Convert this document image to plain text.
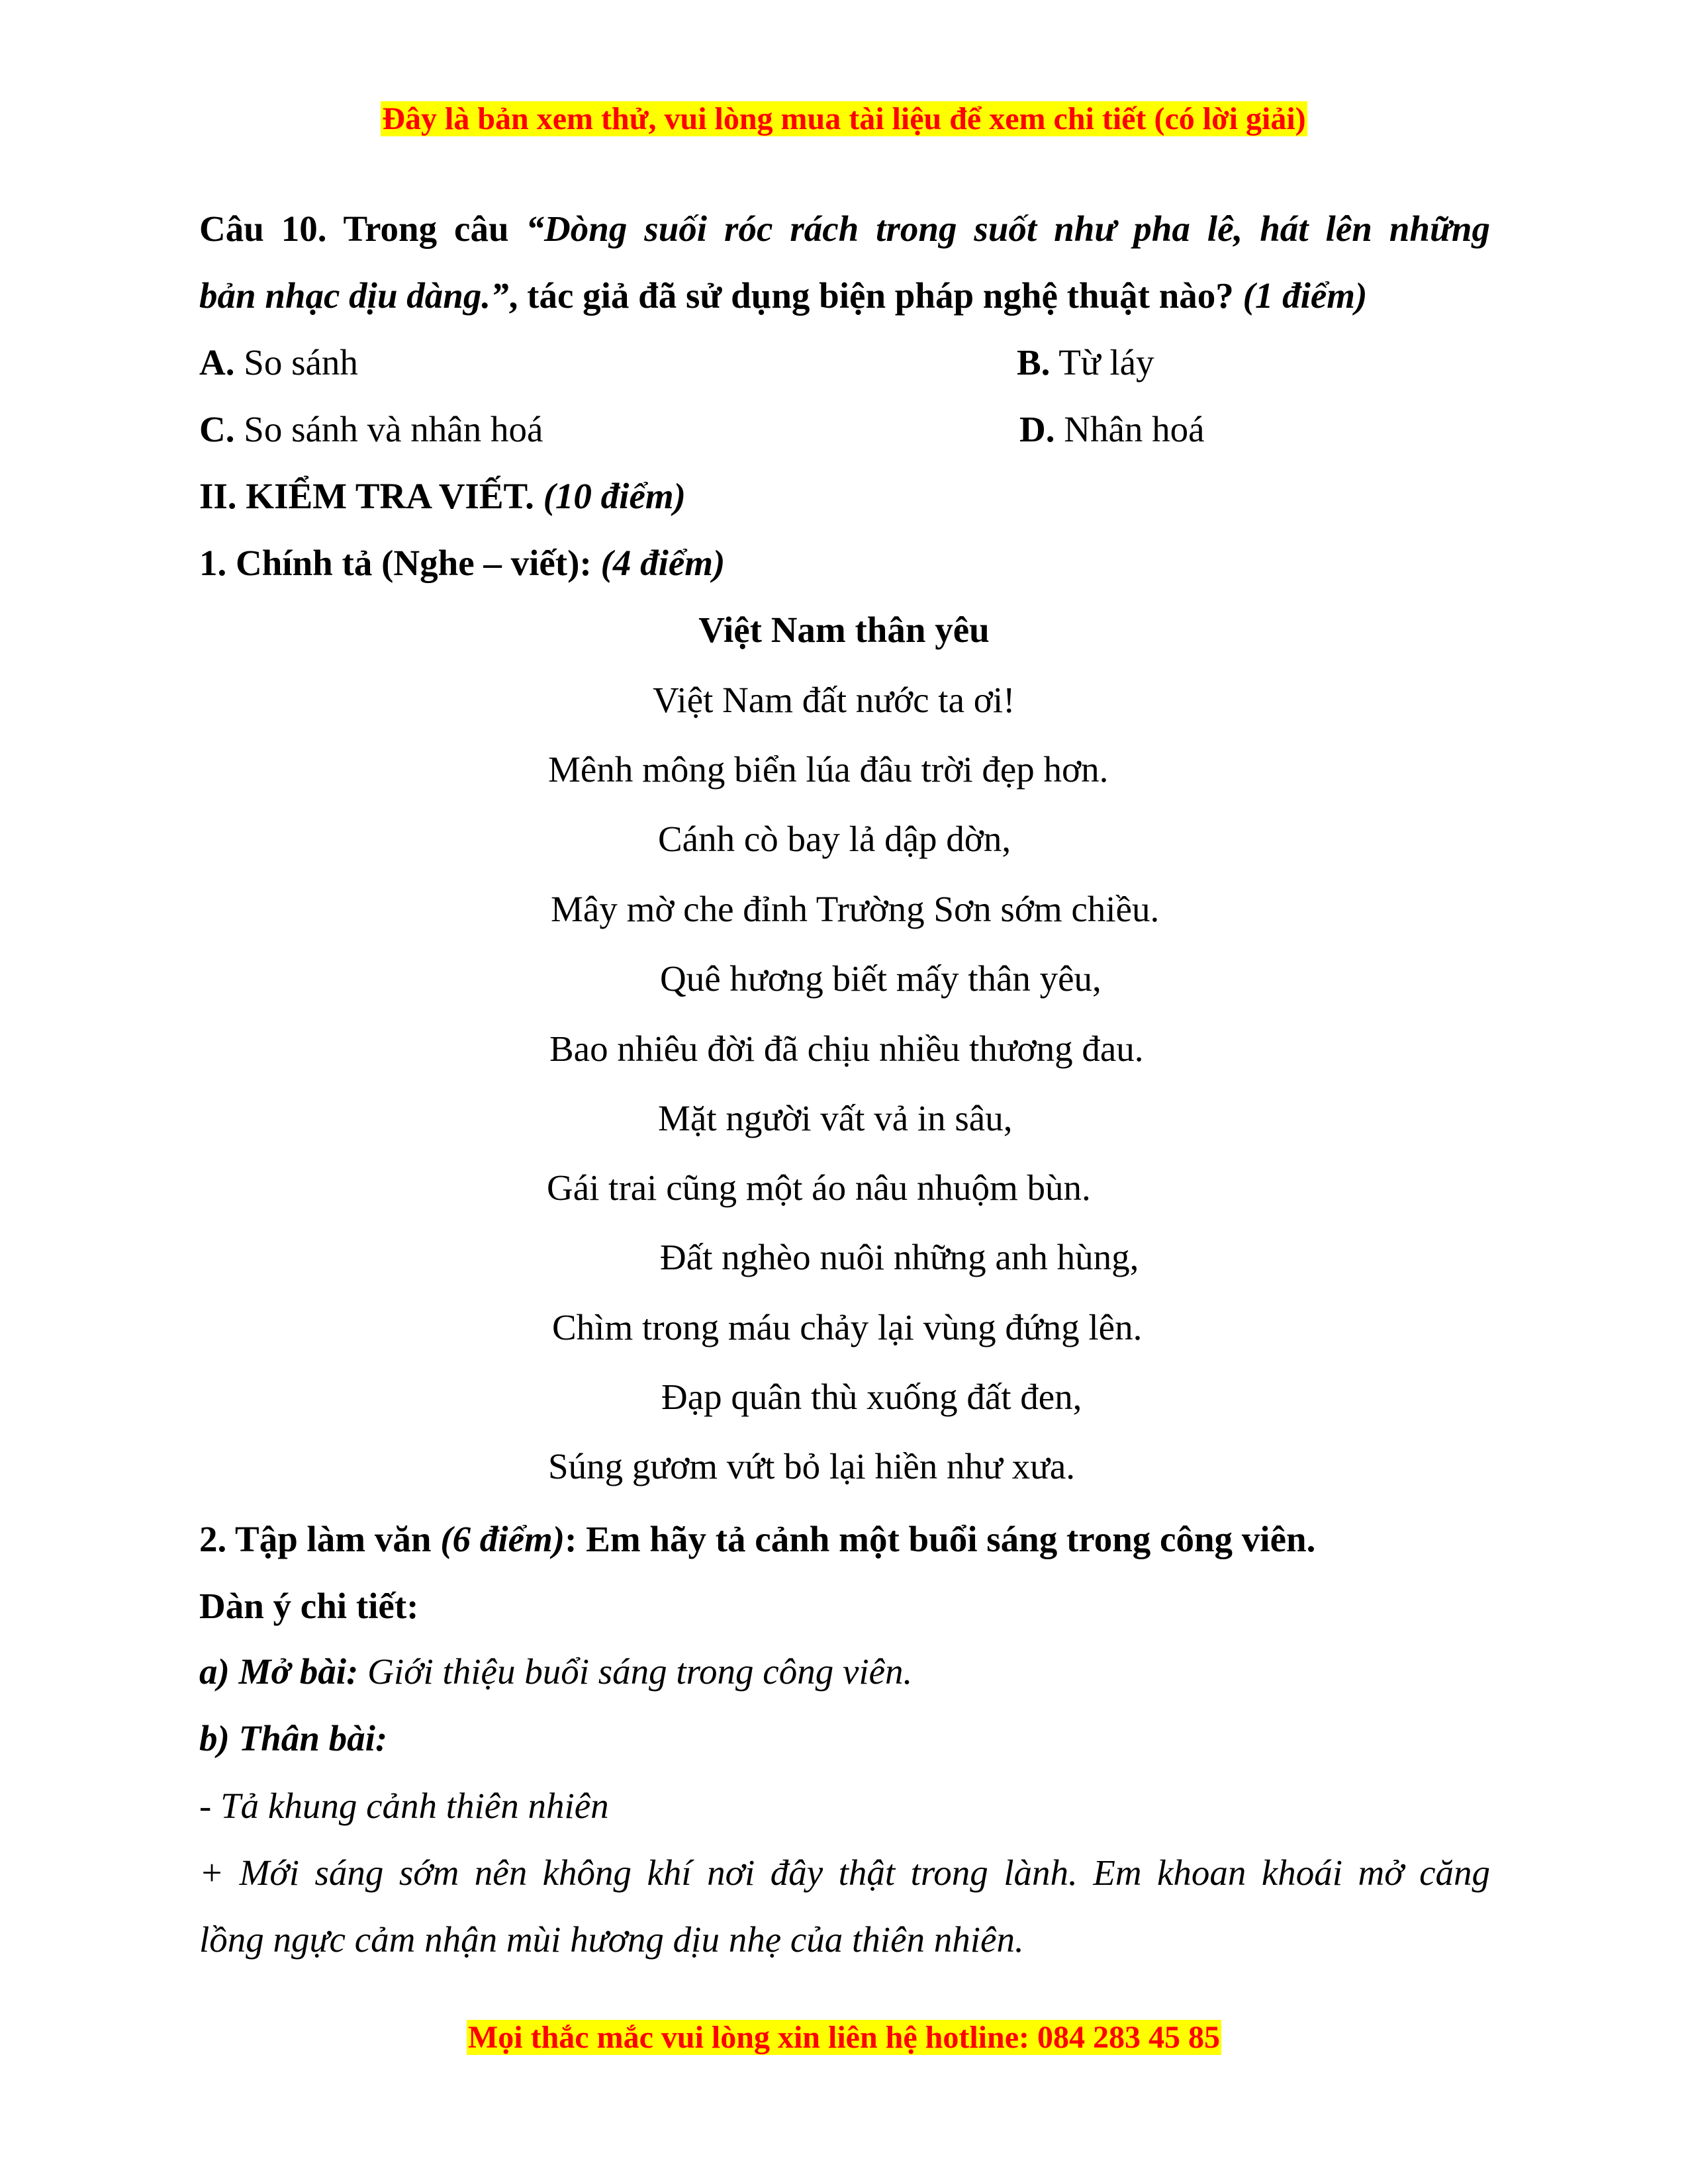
Đây là bản xem thử, vui lòng mua tài liệu để xem chi tiết (có lời giải)
Câu 10. Trong câu “Dòng suối róc rách trong suốt như pha lê, hát lên những
bản nhạc dịu dàng.”, tác giả đã sử dụng biện pháp nghệ thuật nào? (1 điểm)
A. So sánh	B. Từ láy
C. So sánh và nhân hoá	D. Nhân hoá
II. KIỂM TRA VIẾT. (10 điểm)
1. Chính tả (Nghe – viết): (4 điểm)
Việt Nam thân yêu
Việt Nam đất nước ta ơi!
Mênh mông biển lúa đâu trời đẹp hơn.
Cánh cò bay lả dập dờn,
Mây mờ che đỉnh Trường Sơn sớm chiều.
Quê hương biết mấy thân yêu,
Bao nhiêu đời đã chịu nhiều thương đau.
Mặt người vất vả in sâu,
Gái trai cũng một áo nâu nhuộm bùn.
Đất nghèo nuôi những anh hùng,
Chìm trong máu chảy lại vùng đứng lên.
Đạp quân thù xuống đất đen,
Súng gươm vứt bỏ lại hiền như xưa.
2. Tập làm văn (6 điểm): Em hãy tả cảnh một buổi sáng trong công viên.
Dàn ý chi tiết:
a) Mở bài: Giới thiệu buổi sáng trong công viên.
b) Thân bài:
- Tả khung cảnh thiên nhiên
+ Mới sáng sớm nên không khí nơi đây thật trong lành. Em khoan khoái mở căng
lồng ngực cảm nhận mùi hương dịu nhẹ của thiên nhiên.
Mọi thắc mắc vui lòng xin liên hệ hotline: 084 283 45 85
